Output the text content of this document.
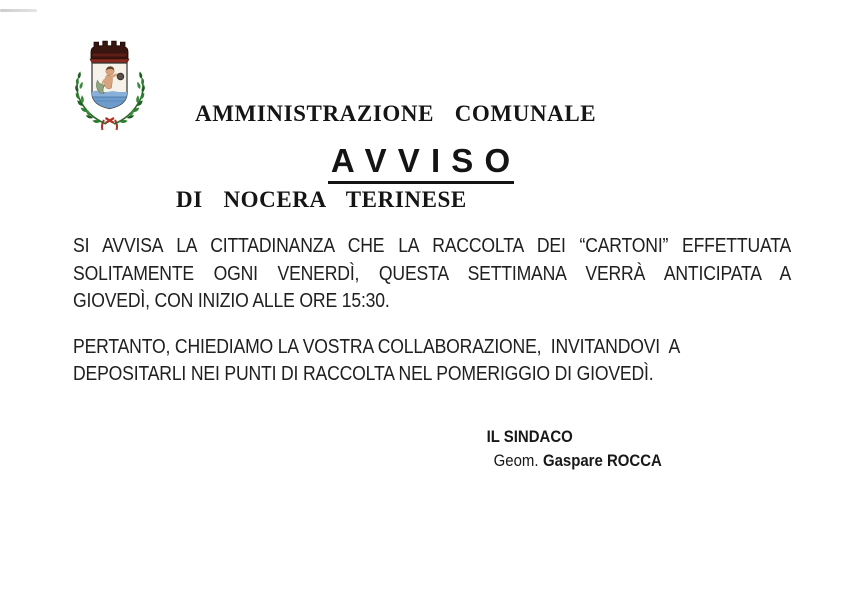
AMMINISTRAZIONE  COMUNALE

DI  NOCERA  TERINESE

A V V I S O
SI AVVISA LA CITTADINANZA CHE LA RACCOLTA DEI “CARTONI” EFFETTUATA
SOLITAMENTE OGNI VENERDÌ, QUESTA SETTIMANA VERRÀ ANTICIPATA A
GIOVEDÌ, CON INIZIO ALLE ORE 15:30.
PERTANTO, CHIEDIAMO LA VOSTRA COLLABORAZIONE,  INVITANDOVI  A
DEPOSITARLI NEI PUNTI DI RACCOLTA NEL POMERIGGIO DI GIOVEDÌ.
IL SINDACO
Geom. Gaspare ROCCA
